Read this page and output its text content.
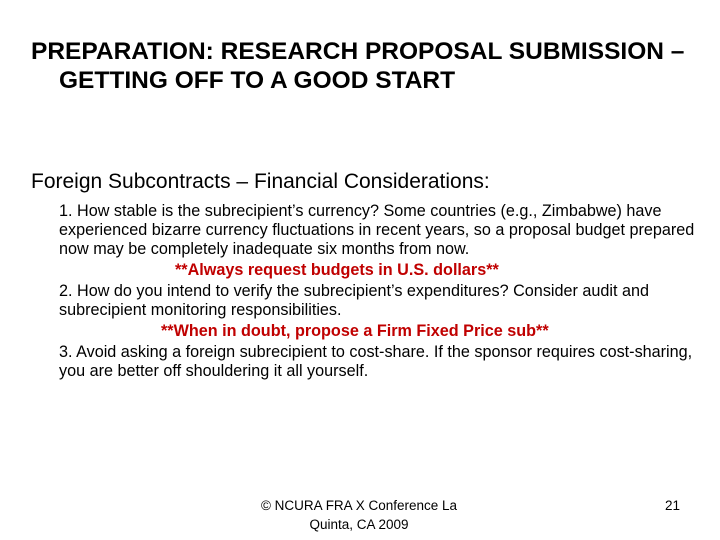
PREPARATION: RESEARCH PROPOSAL SUBMISSION – GETTING OFF TO A GOOD START
Foreign Subcontracts – Financial Considerations:

1. How stable is the subrecipient’s currency? Some countries (e.g., Zimbabwe) have experienced bizarre currency fluctuations in recent years, so a proposal budget prepared now may be completely inadequate six months from now.

**Always request budgets in U.S. dollars**

2. How do you intend to verify the subrecipient’s expenditures? Consider audit and subrecipient monitoring responsibilities.

**When in doubt, propose a Firm Fixed Price sub**

3. Avoid asking a foreign subrecipient to cost-share. If the sponsor requires cost-sharing, you are better off shouldering it all yourself.

© NCURA FRA X Conference La Quinta, CA 2009
21
